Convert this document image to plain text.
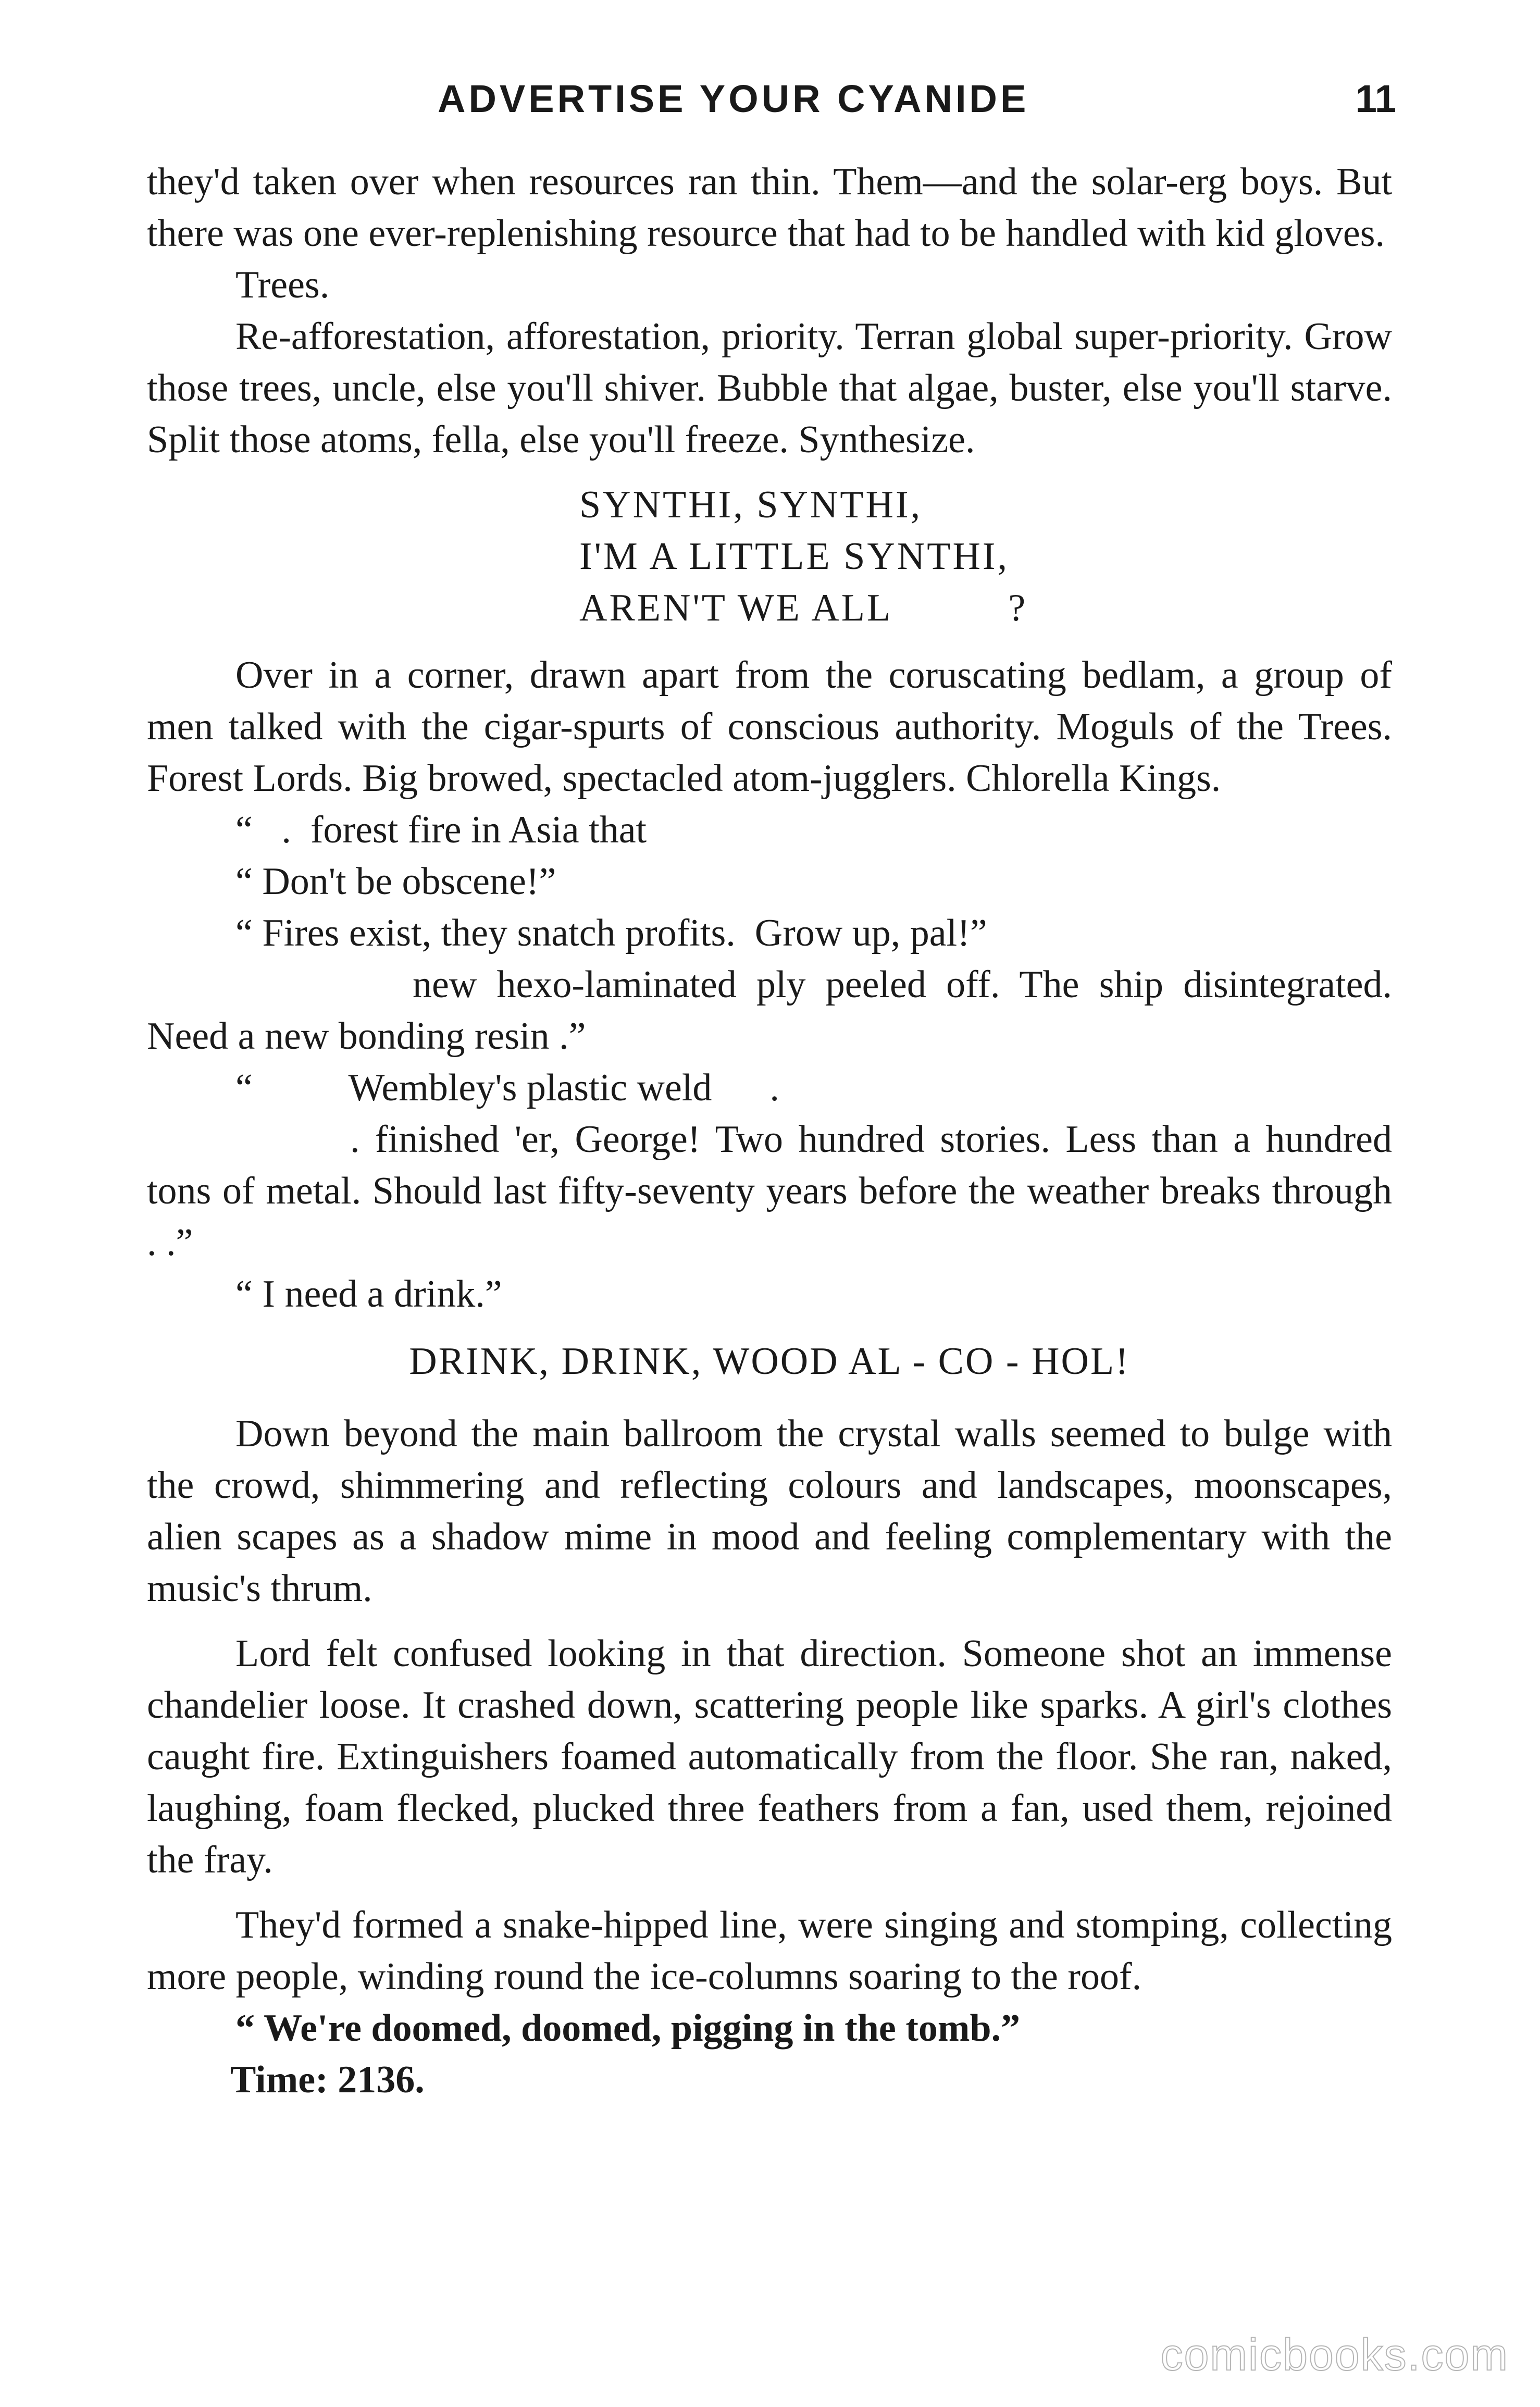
ADVERTISE YOUR CYANIDE	11

they'd taken over when resources ran thin. Them—and the solar-erg boys. But there was one ever-replenishing resource that had to be handled with kid gloves.

Trees.

Re-afforestation, afforestation, priority. Terran global super-priority. Grow those trees, uncle, else you'll shiver. Bubble that algae, buster, else you'll starve. Split those atoms, fella, else you'll freeze. Synthesize.

SYNTHI, SYNTHI,
I'M A LITTLE SYNTHI,
AREN'T WE ALL          ?

Over in a corner, drawn apart from the coruscating bedlam, a group of men talked with the cigar-spurts of conscious authority. Moguls of the Trees. Forest Lords. Big browed, spectacled atom-jugglers. Chlorella Kings.

“   .  forest fire in Asia that

“ Don't be obscene!”

“ Fires exist, they snatch profits.  Grow up, pal!”

new hexo-laminated ply peeled off. The ship disintegrated. Need a new bonding resin .”

“          Wembley's plastic weld      .

. finished 'er, George! Two hundred stories. Less than a hundred tons of metal. Should last fifty-seventy years before the weather breaks through . .”

“ I need a drink.”

DRINK, DRINK, WOOD AL - CO - HOL!

Down beyond the main ballroom the crystal walls seemed to bulge with the crowd, shimmering and reflecting colours and landscapes, moonscapes, alien scapes as a shadow mime in mood and feeling complementary with the music's thrum.

Lord felt confused looking in that direction. Someone shot an immense chandelier loose. It crashed down, scattering people like sparks. A girl's clothes caught fire. Extinguishers foamed automatically from the floor. She ran, naked, laughing, foam flecked, plucked three feathers from a fan, used them, rejoined the fray.

They'd formed a snake-hipped line, were singing and stomping, collecting more people, winding round the ice-columns soaring to the roof.

“ We're doomed, doomed, pigging in the tomb.”

Time: 2136.

comicbooks.com
